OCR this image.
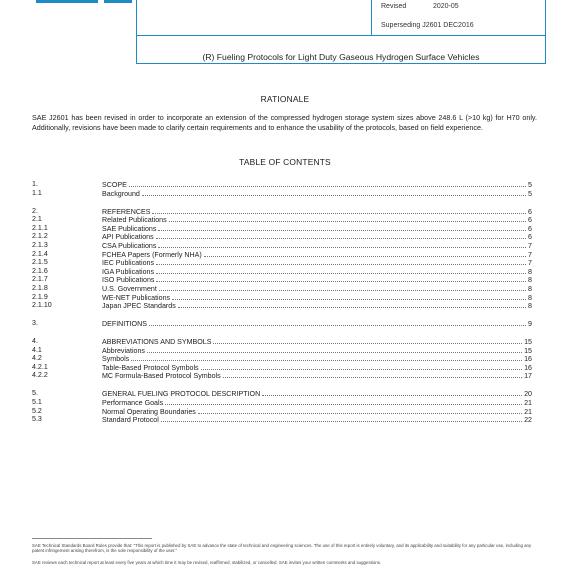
Revised	2020-05
Superseding J2601 DEC2016
(R) Fueling Protocols for Light Duty Gaseous Hydrogen Surface Vehicles
RATIONALE
SAE J2601 has been revised in order to incorporate an extension of the compressed hydrogen storage system sizes above 248.6 L (>10 kg) for H70 only. Additionally, revisions have been made to clarify certain requirements and to enhance the usability of the protocols, based on field experience.
TABLE OF CONTENTS
1.	SCOPE	5
1.1	Background	5
2.	REFERENCES	6
2.1	Related Publications	6
2.1.1	SAE Publications	6
2.1.2	API Publications	6
2.1.3	CSA Publications	7
2.1.4	FCHEA Papers (Formerly NHA)	7
2.1.5	IEC Publications	7
2.1.6	IGA Publications	8
2.1.7	ISO Publications	8
2.1.8	U.S. Government	8
2.1.9	WE-NET Publications	8
2.1.10	Japan JPEC Standards	8
3.	DEFINITIONS	9
4.	ABBREVIATIONS AND SYMBOLS	15
4.1	Abbreviations	15
4.2	Symbols	16
4.2.1	Table-Based Protocol Symbols	16
4.2.2	MC Formula-Based Protocol Symbols	17
5.	GENERAL FUELING PROTOCOL DESCRIPTION	20
5.1	Performance Goals	21
5.2	Normal Operating Boundaries	21
5.3	Standard Protocol	22
SAE Technical Standards Board Rules provide that: "This report is published by SAE to advance the state of technical and engineering sciences. The use of this report is entirely voluntary, and its applicability and suitability for any particular use, including any patent infringement arising therefrom, is the sole responsibility of the user."
SAE reviews each technical report at least every five years at which time it may be revised, reaffirmed, stabilized, or cancelled. SAE invites your written comments and suggestions.
